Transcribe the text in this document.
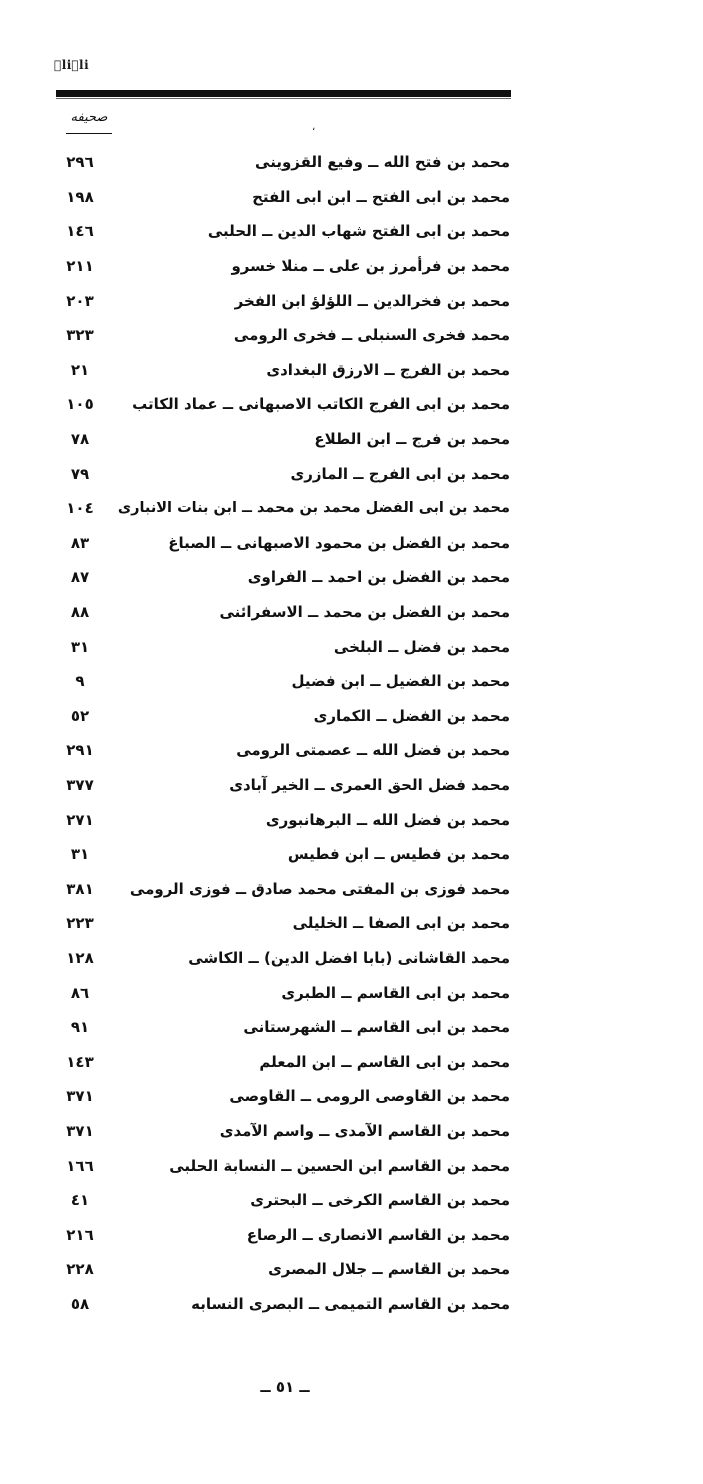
ٌliٌli
صحيفه
،
٢٩٦	محمد بن فتح الله ــ وفيع القزوينى
١٩٨	محمد بن ابى الفتح ــ ابن ابى الفتح
١٤٦	محمد بن ابى الفتح شهاب الدين ــ الحلبى
٢١١	محمد بن فرأمرز بن على ــ منلا خسرو
٢٠٣	محمد بن فخرالدين ــ اللؤلؤ ابن الفخر
٣٢٣	محمد فخرى السنبلى ــ فخرى الرومى
٢١	محمد بن الفرج ــ الارزق البغدادى
١٠٥	محمد بن ابى الفرج الكاتب الاصبهانى ــ عماد الكاتب
٧٨	محمد بن فرج ــ ابن الطلاع
٧٩	محمد بن ابى الفرج ــ المازرى
١٠٤	محمد بن ابى الفضل محمد بن محمد ــ ابن بنات الانبارى
٨٣	محمد بن الفضل بن محمود الاصبهانى ــ الصباغ
٨٧	محمد بن الفضل بن احمد ــ الفراوى
٨٨	محمد بن الفضل بن محمد ــ الاسفرائنى
٣١	محمد بن فضل ــ البلخى
٩	محمد بن الفضيل ــ ابن فضيل
٥٢	محمد بن الفضل ــ الكمارى
٢٩١	محمد بن فضل الله ــ عصمتى الرومى
٣٧٧	محمد فضل الحق العمرى ــ الخير آبادى
٢٧١	محمد بن فضل الله ــ البرهانبورى
٣١	محمد بن فطيس ــ ابن فطيس
٣٨١	محمد فوزى بن المفتى محمد صادق ــ فوزى الرومى
٢٢٣	محمد بن ابى الصفا ــ الخليلى
١٢٨	محمد القاشانى (بابا افضل الدين) ــ الكاشى
٨٦	محمد بن ابى القاسم ــ الطبرى
٩١	محمد بن ابى القاسم ــ الشهرستانى
١٤٣	محمد بن ابى القاسم ــ ابن المعلم
٣٧١	محمد بن القاوصى الرومى ــ القاوصى
٣٧١	محمد بن القاسم الآمدى ــ واسم الآمدى
١٦٦	محمد بن القاسم ابن الحسين ــ النسابة الحلبى
٤١	محمد بن القاسم الكرخى ــ البحترى
٢١٦	محمد بن القاسم الانصارى ــ الرصاع
٢٢٨	محمد بن القاسم ــ جلال المصرى
٥٨	محمد بن القاسم التميمى ــ البصرى النسابه
ــ ٥١ ــ
